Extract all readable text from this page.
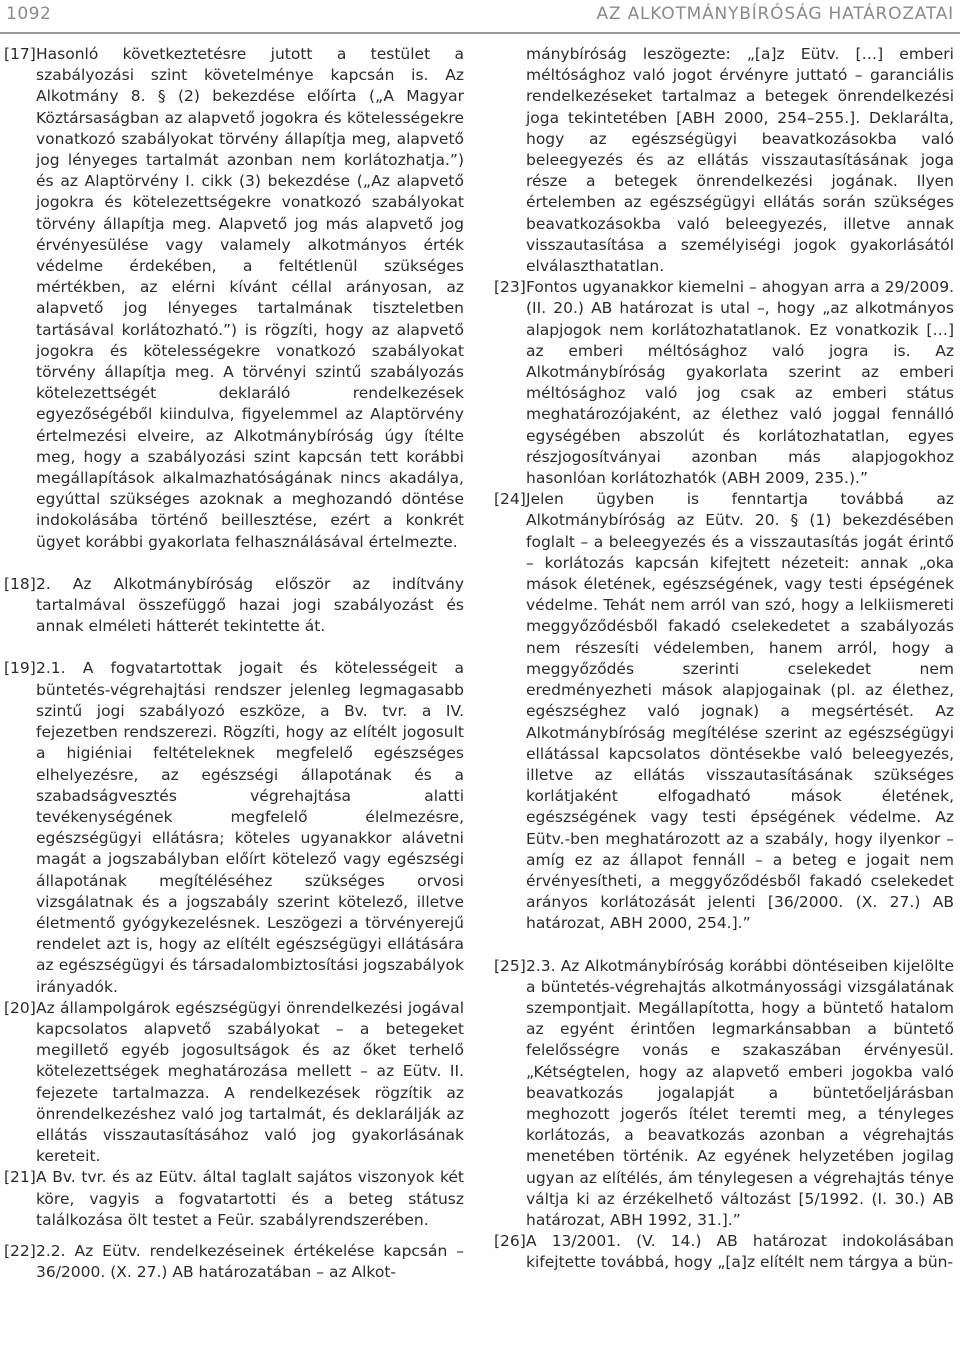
1092	AZ ALKOTMÁNYBÍRÓSÁG HATÁROZATAI
[17] Hasonló következtetésre jutott a testület a szabályozási szint követelménye kapcsán is. Az Alkotmány 8. § (2) bekezdése előírta („A Magyar Köztársaságban az alapvető jogokra és kötelességekre vonatkozó szabályokat törvény állapítja meg, alapvető jog lényeges tartalmát azonban nem korlátozhatja.”) és az Alaptörvény I. cikk (3) bekezdése („Az alapvető jogokra és kötelezettségekre vonatkozó szabályokat törvény állapítja meg. Alapvető jog más alapvető jog érvényesülése vagy valamely alkotmányos érték védelme érdekében, a feltétlenül szükséges mértékben, az elérni kívánt céllal arányosan, az alapvető jog lényeges tartalmának tiszteletben tartásával korlátozható.”) is rögzíti, hogy az alapvető jogokra és kötelességekre vonatkozó szabályokat törvény állapítja meg. A törvényi szintű szabályozás kötelezettségét deklaráló rendelkezések egyezőségéből kiindulva, figyelemmel az Alaptörvény értelmezési elveire, az Alkotmánybíróság úgy ítélte meg, hogy a szabályozási szint kapcsán tett korábbi megállapítások alkalmazhatóságának nincs akadálya, egyúttal szükséges azoknak a meghozandó döntése indokolásába történő beillesztése, ezért a konkrét ügyet korábbi gyakorlata felhasználásával értelmezte.
[18] 2. Az Alkotmánybíróság először az indítvány tartalmával összefüggő hazai jogi szabályozást és annak elméleti hátterét tekintette át.
[19] 2.1. A fogvatartottak jogait és kötelességeit a büntetés-végrehajtási rendszer jelenleg legmagasabb szintű jogi szabályozó eszköze, a Bv. tvr. a IV. fejezetben rendszerezi. Rögzíti, hogy az elítélt jogosult a higiéniai feltételeknek megfelelő egészséges elhelyezésre, az egészségi állapotának és a szabadságvesztés végrehajtása alatti tevékenységének megfelelő élelmezésre, egészségügyi ellátásra; köteles ugyanakkor alávetni magát a jogszabályban előírt kötelező vagy egészségi állapotának megítéléséhez szükséges orvosi vizsgálatnak és a jogszabály szerint kötelező, illetve életmentő gyógykezelésnek. Leszögezi a törvényerejű rendelet azt is, hogy az elítélt egészségügyi ellátására az egészségügyi és társadalombiztosítási jogszabályok irányadók.
[20] Az állampolgárok egészségügyi önrendelkezési jogával kapcsolatos alapvető szabályokat – a betegeket megillető egyéb jogosultságok és az őket terhelő kötelezettségek meghatározása mellett – az Eütv. II. fejezete tartalmazza. A rendelkezések rögzítik az önrendelkezéshez való jog tartalmát, és deklarálják az ellátás visszautasításához való jog gyakorlásának kereteit.
[21] A Bv. tvr. és az Eütv. által taglalt sajátos viszonyok két köre, vagyis a fogvatartotti és a beteg státusz találkozása ölt testet a Feür. szabályrendszerében.
[22] 2.2. Az Eütv. rendelkezéseinek értékelése kapcsán – 36/2000. (X. 27.) AB határozatában – az Alkot-
mánybíróság leszögezte: „[a]z Eütv. […] emberi méltósághoz való jogot érvényre juttató – garanciális rendelkezéseket tartalmaz a betegek önrendelkezési joga tekintetében [ABH 2000, 254–255.]. Deklarálta, hogy az egészségügyi beavatkozásokba való beleegyezés és az ellátás visszautasításának joga része a betegek önrendelkezési jogának. Ilyen értelemben az egészségügyi ellátás során szükséges beavatkozásokba való beleegyezés, illetve annak visszautasítása a személyiségi jogok gyakorlásától elválaszthatatlan.
[23] Fontos ugyanakkor kiemelni – ahogyan arra a 29/2009. (II. 20.) AB határozat is utal –, hogy „az alkotmányos alapjogok nem korlátozhatatlanok. Ez vonatkozik […] az emberi méltósághoz való jogra is. Az Alkotmánybíróság gyakorlata szerint az emberi méltósághoz való jog csak az emberi státus meghatározójaként, az élethez való joggal fennálló egységében abszolút és korlátozhatatlan, egyes részjogosítványai azonban más alapjogokhoz hasonlóan korlátozhatók (ABH 2009, 235.).”
[24] Jelen ügyben is fenntartja továbbá az Alkotmánybíróság az Eütv. 20. § (1) bekezdésében foglalt – a beleegyezés és a visszautasítás jogát érintő – korlátozás kapcsán kifejtett nézeteit: annak „oka mások életének, egészségének, vagy testi épségének védelme. Tehát nem arról van szó, hogy a lelkiismereti meggyőződésből fakadó cselekedetet a szabályozás nem részesíti védelemben, hanem arról, hogy a meggyőződés szerinti cselekedet nem eredményezheti mások alapjogainak (pl. az élethez, egészséghez való jognak) a megsértését. Az Alkotmánybíróság megítélése szerint az egészségügyi ellátással kapcsolatos döntésekbe való beleegyezés, illetve az ellátás visszautasításának szükséges korlátjaként elfogadható mások életének, egészségének vagy testi épségének védelme. Az Eütv.-ben meghatározott az a szabály, hogy ilyenkor – amíg ez az állapot fennáll – a beteg e jogait nem érvényesítheti, a meggyőződésből fakadó cselekedet arányos korlátozását jelenti [36/2000. (X. 27.) AB határozat, ABH 2000, 254.].”
[25] 2.3. Az Alkotmánybíróság korábbi döntéseiben kijelölte a büntetés-végrehajtás alkotmányossági vizsgálatának szempontjait. Megállapította, hogy a büntető hatalom az egyént érintően legmarkánsabban a büntető felelősségre vonás e szakaszában érvényesül. „Kétségtelen, hogy az alapvető emberi jogokba való beavatkozás jogalapját a büntetőeljárásban meghozott jogerős ítélet teremti meg, a tényleges korlátozás, a beavatkozás azonban a végrehajtás menetében történik. Az egyének helyzetében jogilag ugyan az elítélés, ám ténylegesen a végrehajtás ténye váltja ki az érzékelhető változást [5/1992. (I. 30.) AB határozat, ABH 1992, 31.].”
[26] A 13/2001. (V. 14.) AB határozat indokolásában kifejtette továbbá, hogy „[a]z elítélt nem tárgya a bün-
